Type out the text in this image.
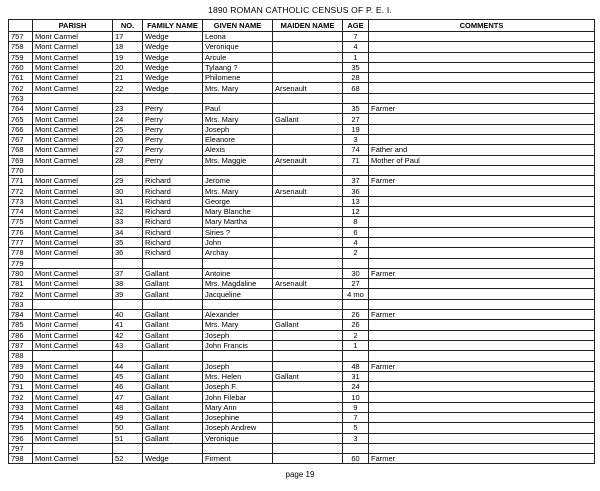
1890 ROMAN CATHOLIC CENSUS OF P. E. I.
	PARISH	NO.	FAMILY NAME	GIVEN NAME	MAIDEN NAME	AGE	COMMENTS
757	Mont Carmel	17	Wedge	Leona		7	
758	Mont Carmel	18	Wedge	Veronique		4	
759	Mont Carmel	19	Wedge	Arcule		1	
760	Mont Carmel	20	Wedge	Tylaang ?		35	
761	Mont Carmel	21	Wedge	Philomene		28	
762	Mont Carmel	22	Wedge	Mrs. Mary	Arsenault	68	
763							
764	Mont Carmel	23	Perry	Paul		35	Farmer
765	Mont Carmel	24	Perry	Mrs. Mary	Gallant	27	
766	Mont Carmel	25	Perry	Joseph		19	
767	Mont Carmel	26	Perry	Eleanore		3	
768	Mont Carmel	27	Perry	Alexis		74	Father and
769	Mont Carmel	28	Perry	Mrs. Maggie	Arsenault	71	Mother of Paul
770							
771	Mont Carmel	29	Richard	Jerome		37	Farmer
772	Mont Carmel	30	Richard	Mrs. Mary	Arsenault	36	
773	Mont Carmel	31	Richard	George		13	
774	Mont Carmel	32	Richard	Mary Blanche		12	
775	Mont Carmel	33	Richard	Mary Martha		8	
776	Mont Carmel	34	Richard	Siries ?		6	
777	Mont Carmel	35	Richard	John		4	
778	Mont Carmel	36	Richard	Archay		2	
779							
780	Mont Carmel	37	Gallant	Antoine		30	Farmer
781	Mont Carmel	38	Gallant	Mrs. Magdaline	Arsenault	27	
782	Mont Carmel	39	Gallant	Jacqueline		4 mo	
783							
784	Mont Carmel	40	Gallant	Alexander		26	Farmer
785	Mont Carmel	41	Gallant	Mrs. Mary	Gallant	26	
786	Mont Carmel	42	Gallant	Joseph		2	
787	Mont Carmel	43	Gallant	John Francis		1	
788							
789	Mont Carmel	44	Gallant	Joseph		48	Farmer
790	Mont Carmel	45	Gallant	Mrs. Helen	Gallant	31	
791	Mont Carmel	46	Gallant	Joseph F.		24	
792	Mont Carmel	47	Gallant	John Filebar		10	
793	Mont Carmel	48	Gallant	Mary Ann		9	
794	Mont Carmel	49	Gallant	Josephine		7	
795	Mont Carmel	50	Gallant	Joseph Andrew		5	
796	Mont Carmel	51	Gallant	Veronique		3	
797							
798	Mont Carmel	52	Wedge	Firment		60	Farmer
page 19
